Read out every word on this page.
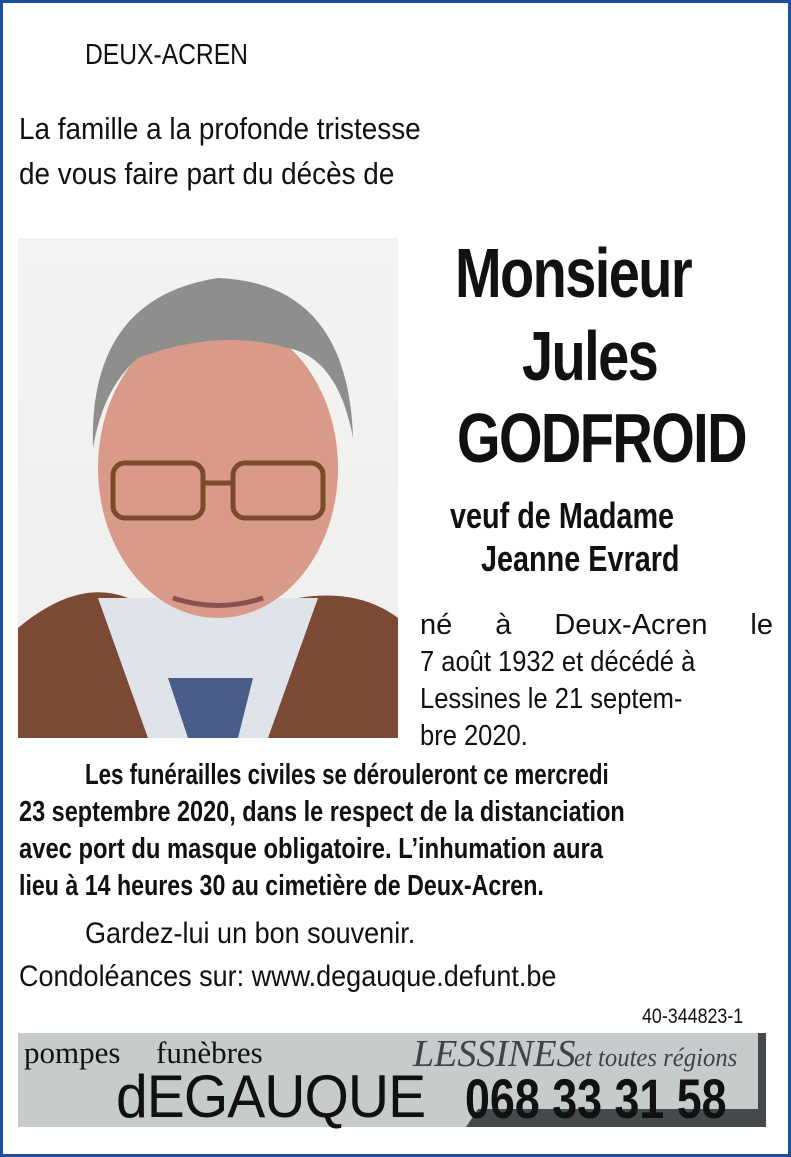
DEUX-ACREN
La famille a la profonde tristesse
de vous faire part du décès de
Monsieur
Jules
GODFROID
veuf de Madame
Jeanne Evrard
né à Deux-Acren le
7 août 1932 et décédé à
Lessines le 21 septem-
bre 2020.
Les funérailles civiles se dérouleront ce mercredi
23 septembre 2020, dans le respect de la distanciation
avec port du masque obligatoire. L’inhumation aura
lieu à 14 heures 30 au cimetière de Deux-Acren.
Gardez-lui un bon souvenir.
Condoléances sur: www.degauque.defunt.be
40-344823-1
pompes funèbres
dEGAUQUE
LESSINES
et toutes régions
068 33 31 58
